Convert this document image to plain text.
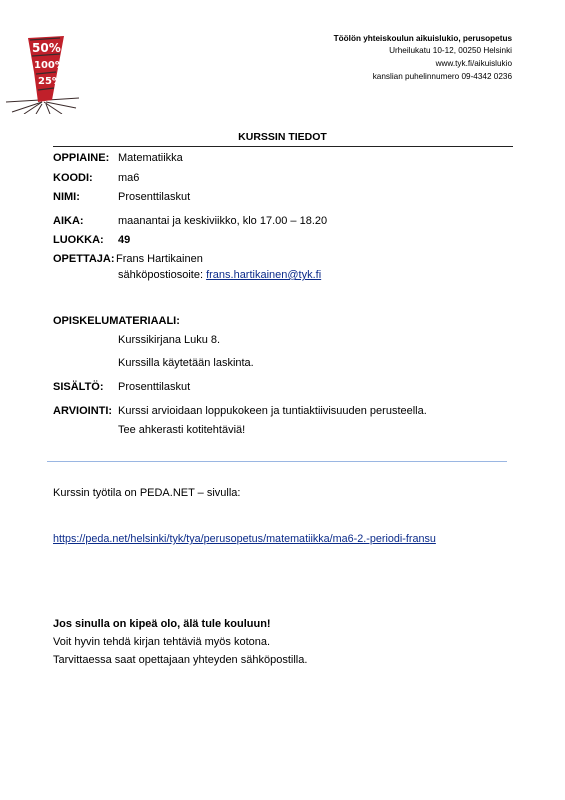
50%
100%
25%
Töölön yhteiskoulun aikuislukio, perusopetus
Urheilukatu 10-12, 00250 Helsinki
www.tyk.fi/aikuislukio
kanslian puhelinnumero 09-4342 0236
KURSSIN TIEDOT
OPPIAINE: Matematiikka
KOODI: ma6
NIMI:	Prosenttilaskut
AIKA:	maanantai ja keskiviikko, klo 17.00 – 18.20
LUOKKA: 49
OPETTAJA: Frans Hartikainen
sähköpostiosoite: frans.hartikainen@tyk.fi
OPISKELUMATERIAALI:
Kurssikirjana Luku 8.
Kurssilla käytetään laskinta.
SISÄLTÖ: Prosenttilaskut
ARVIOINTI: Kurssi arvioidaan loppukokeen ja tuntiaktiivisuuden perusteella.
Tee ahkerasti kotitehtäviä!
Kurssin työtila on PEDA.NET – sivulla:
https://peda.net/helsinki/tyk/tya/perusopetus/matematiikka/ma6-2.-periodi-fransu
Jos sinulla on kipeä olo, älä tule kouluun!
Voit hyvin tehdä kirjan tehtäviä myös kotona.
Tarvittaessa saat opettajaan yhteyden sähköpostilla.
